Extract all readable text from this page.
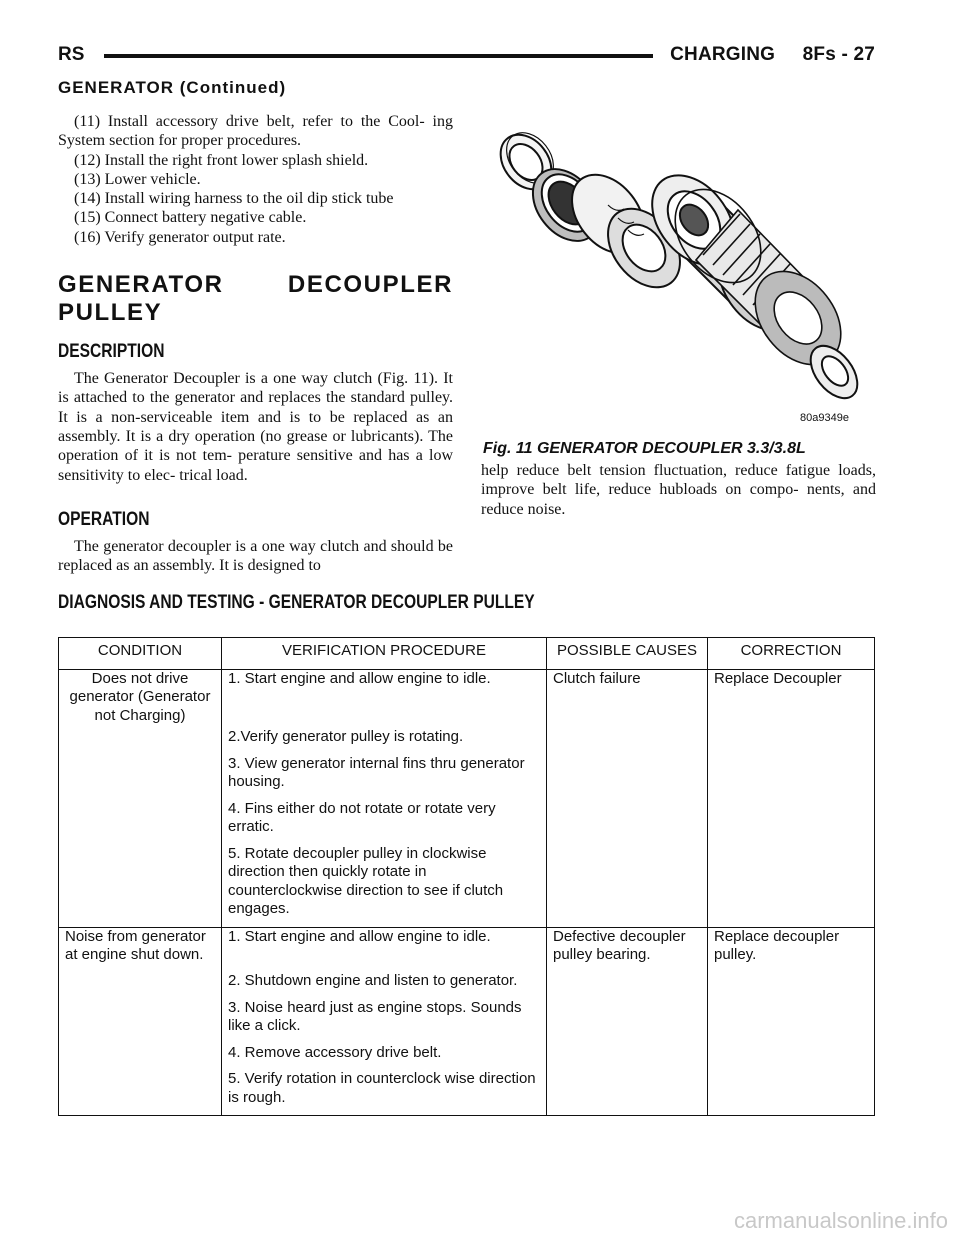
RS	CHARGING 8Fs - 27
GENERATOR (Continued)

(11) Install accessory drive belt, refer to the Cool- ing System section for proper procedures.

(12) Install the right front lower splash shield.

(13) Lower vehicle.

(14) Install wiring harness to the oil dip stick tube

(15) Connect battery negative cable.

(16) Verify generator output rate.

GENERATOR DECOUPLER PULLEY

DESCRIPTION

The Generator Decoupler is a one way clutch (Fig. 11). It is attached to the generator and replaces the standard pulley. It is a non-serviceable item and is to be replaced as an assembly. It is a dry operation (no grease or lubricants). The operation of it is not tem- perature sensitive and has a low sensitivity to elec- trical load.

OPERATION

The generator decoupler is a one way clutch and should be replaced as an assembly. It is designed to

80a9349e
Fig. 11 GENERATOR DECOUPLER 3.3/3.8L

help reduce belt tension fluctuation, reduce fatigue loads, improve belt life, reduce hubloads on compo- nents, and reduce noise.

DIAGNOSIS AND TESTING - GENERATOR DECOUPLER PULLEY
CONDITION	VERIFICATION PROCEDURE	POSSIBLE CAUSES	CORRECTION
Does not drive generator (Generator not Charging)	1. Start engine and allow engine to idle.

2.Verify generator pulley is rotating.

3. View generator internal fins thru generator housing.

4. Fins either do not rotate or rotate very erratic.

5. Rotate decoupler pulley in clockwise direction then quickly rotate in counterclockwise direction to see if clutch engages.	Clutch failure	Replace Decoupler
Noise from generator at engine shut down.	1. Start engine and allow engine to idle.

2. Shutdown engine and listen to generator.

3. Noise heard just as engine stops. Sounds like a click.

4. Remove accessory drive belt.

5. Verify rotation in counterclock wise direction is rough.	Defective decoupler pulley bearing.	Replace decoupler pulley.
carmanualsonline.info
